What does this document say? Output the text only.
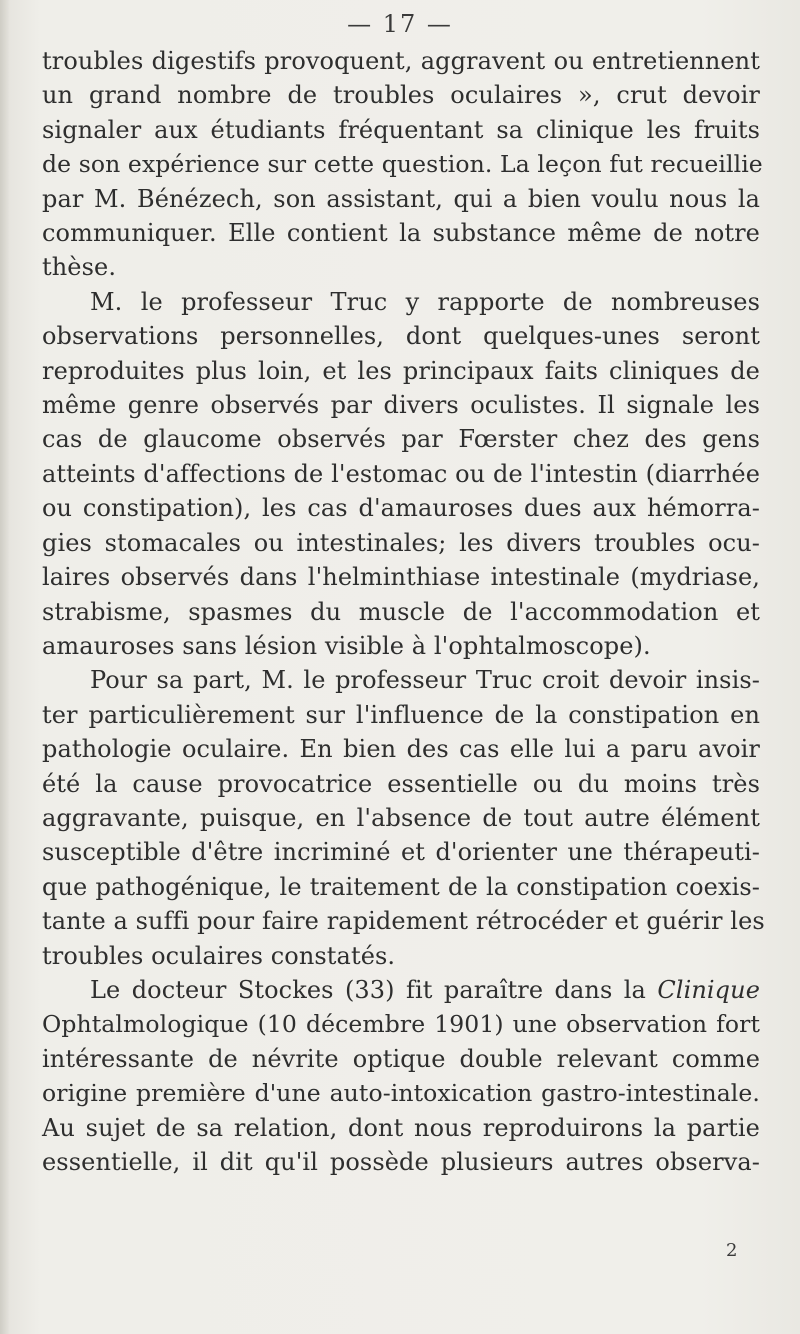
— 17 —

troubles digestifs provoquent, aggravent ou entretiennent
un grand nombre de troubles oculaires », crut devoir
signaler aux étudiants fréquentant sa clinique les fruits
de son expérience sur cette question. La leçon fut recueillie
par M. Bénézech, son assistant, qui a bien voulu nous la
communiquer. Elle contient la substance même de notre
thèse.

M. le professeur Truc y rapporte de nombreuses
observations personnelles, dont quelques-unes seront
reproduites plus loin, et les principaux faits cliniques de
même genre observés par divers oculistes. Il signale les
cas de glaucome observés par Fœrster chez des gens
atteints d'affections de l'estomac ou de l'intestin (diarrhée
ou constipation), les cas d'amauroses dues aux hémorra-
gies stomacales ou intestinales; les divers troubles ocu-
laires observés dans l'helminthiase intestinale (mydriase,
strabisme, spasmes du muscle de l'accommodation et
amauroses sans lésion visible à l'ophtalmoscope).

Pour sa part, M. le professeur Truc croit devoir insis-
ter particulièrement sur l'influence de la constipation en
pathologie oculaire. En bien des cas elle lui a paru avoir
été la cause provocatrice essentielle ou du moins très
aggravante, puisque, en l'absence de tout autre élément
susceptible d'être incriminé et d'orienter une thérapeuti-
que pathogénique, le traitement de la constipation coexis-
tante a suffi pour faire rapidement rétrocéder et guérir les
troubles oculaires constatés.

Le docteur Stockes (33) fit paraître dans la Clinique
Ophtalmologique (10 décembre 1901) une observation fort
intéressante de névrite optique double relevant comme
origine première d'une auto-intoxication gastro-intestinale.
Au sujet de sa relation, dont nous reproduirons la partie
essentielle, il dit qu'il possède plusieurs autres observa-

2
